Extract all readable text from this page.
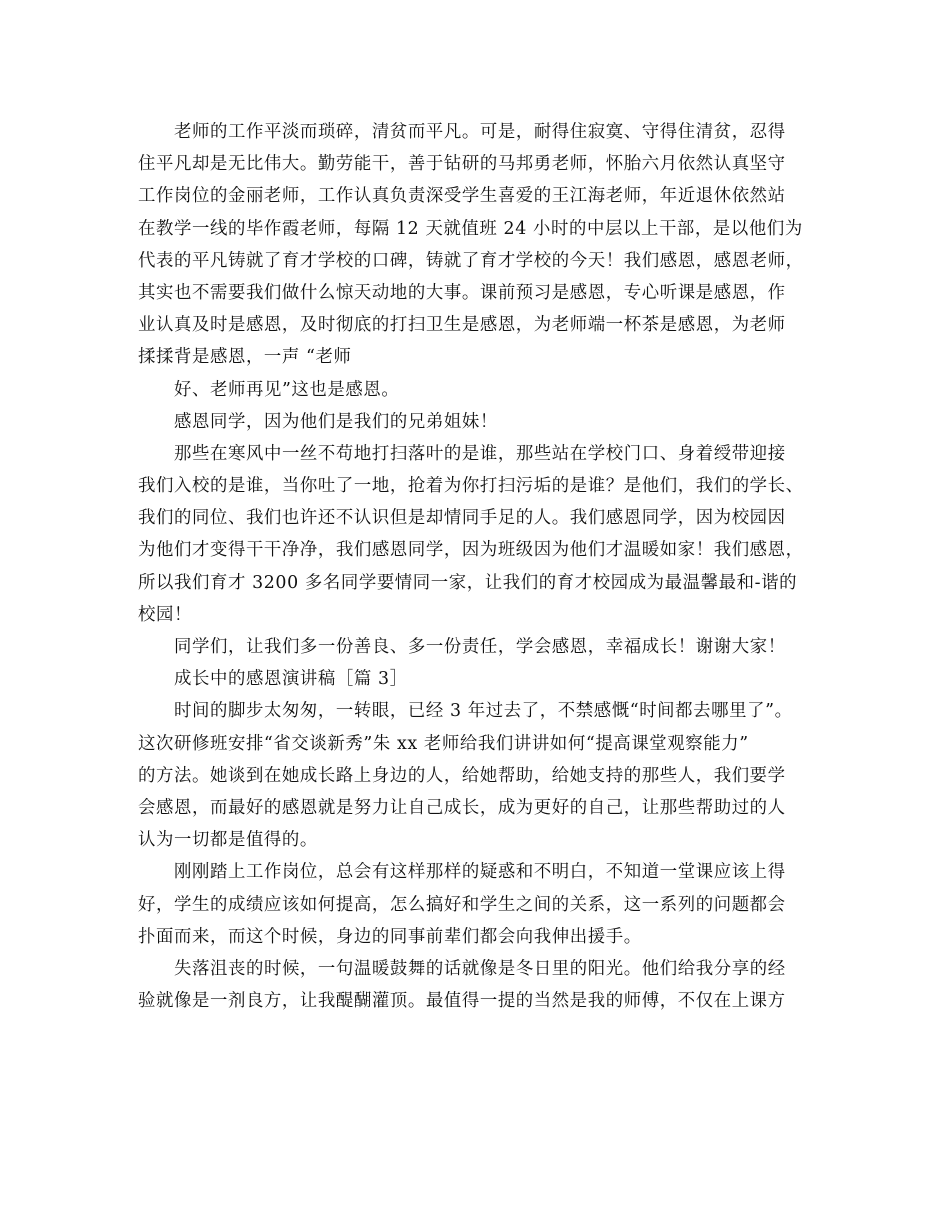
老师的工作平淡而琐碎，清贫而平凡。可是，耐得住寂寞、守得住清贫，忍得
住平凡却是无比伟大。勤劳能干，善于钻研的马邦勇老师，怀胎六月依然认真坚守
工作岗位的金丽老师，工作认真负责深受学生喜爱的王江海老师，年近退休依然站
在教学一线的毕作霞老师，每隔 12 天就值班 24 小时的中层以上干部，是以他们为
代表的平凡铸就了育才学校的口碑，铸就了育才学校的今天！我们感恩，感恩老师，
其实也不需要我们做什么惊天动地的大事。课前预习是感恩，专心听课是感恩，作
业认真及时是感恩，及时彻底的打扫卫生是感恩，为老师端一杯茶是感恩，为老师
揉揉背是感恩，一声 “老师
好、老师再见”这也是感恩。
感恩同学，因为他们是我们的兄弟姐妹！
那些在寒风中一丝不苟地打扫落叶的是谁，那些站在学校门口、身着绶带迎接
我们入校的是谁，当你吐了一地，抢着为你打扫污垢的是谁？是他们，我们的学长、
我们的同位、我们也许还不认识但是却情同手足的人。我们感恩同学，因为校园因
为他们才变得干干净净，我们感恩同学，因为班级因为他们才温暖如家！我们感恩，
所以我们育才 3200 多名同学要情同一家，让我们的育才校园成为最温馨最和-谐的
校园！
同学们，让我们多一份善良、多一份责任，学会感恩，幸福成长！谢谢大家！
成长中的感恩演讲稿［篇 3］
时间的脚步太匆匆，一转眼，已经 3 年过去了，不禁感慨“时间都去哪里了”。
这次研修班安排“省交谈新秀”朱 xx 老师给我们讲讲如何“提高课堂观察能力”
的方法。她谈到在她成长路上身边的人，给她帮助，给她支持的那些人，我们要学
会感恩，而最好的感恩就是努力让自己成长，成为更好的自己，让那些帮助过的人
认为一切都是值得的。
刚刚踏上工作岗位，总会有这样那样的疑惑和不明白，不知道一堂课应该上得
好，学生的成绩应该如何提高，怎么搞好和学生之间的关系，这一系列的问题都会
扑面而来，而这个时候，身边的同事前辈们都会向我伸出援手。
失落沮丧的时候，一句温暖鼓舞的话就像是冬日里的阳光。他们给我分享的经
验就像是一剂良方，让我醍醐灌顶。最值得一提的当然是我的师傅，不仅在上课方
